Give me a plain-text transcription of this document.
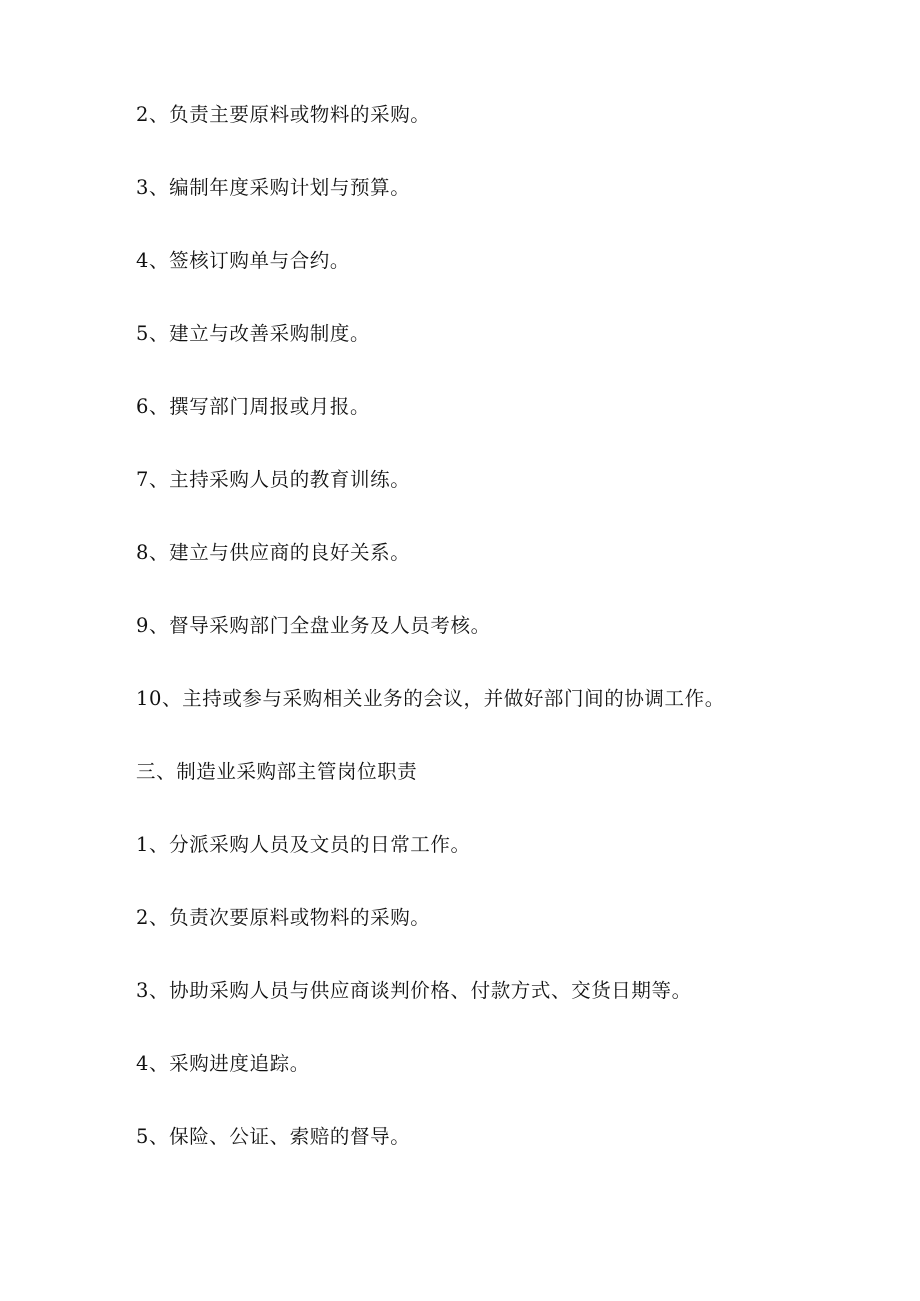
2、负责主要原料或物料的采购。

3、编制年度采购计划与预算。

4、签核订购单与合约。

5、建立与改善采购制度。

6、撰写部门周报或月报。

7、主持采购人员的教育训练。

8、建立与供应商的良好关系。

9、督导采购部门全盘业务及人员考核。

10、主持或参与采购相关业务的会议，并做好部门间的协调工作。

三、制造业采购部主管岗位职责

1、分派采购人员及文员的日常工作。

2、负责次要原料或物料的采购。

3、协助采购人员与供应商谈判价格、付款方式、交货日期等。

4、采购进度追踪。

5、保险、公证、索赔的督导。
